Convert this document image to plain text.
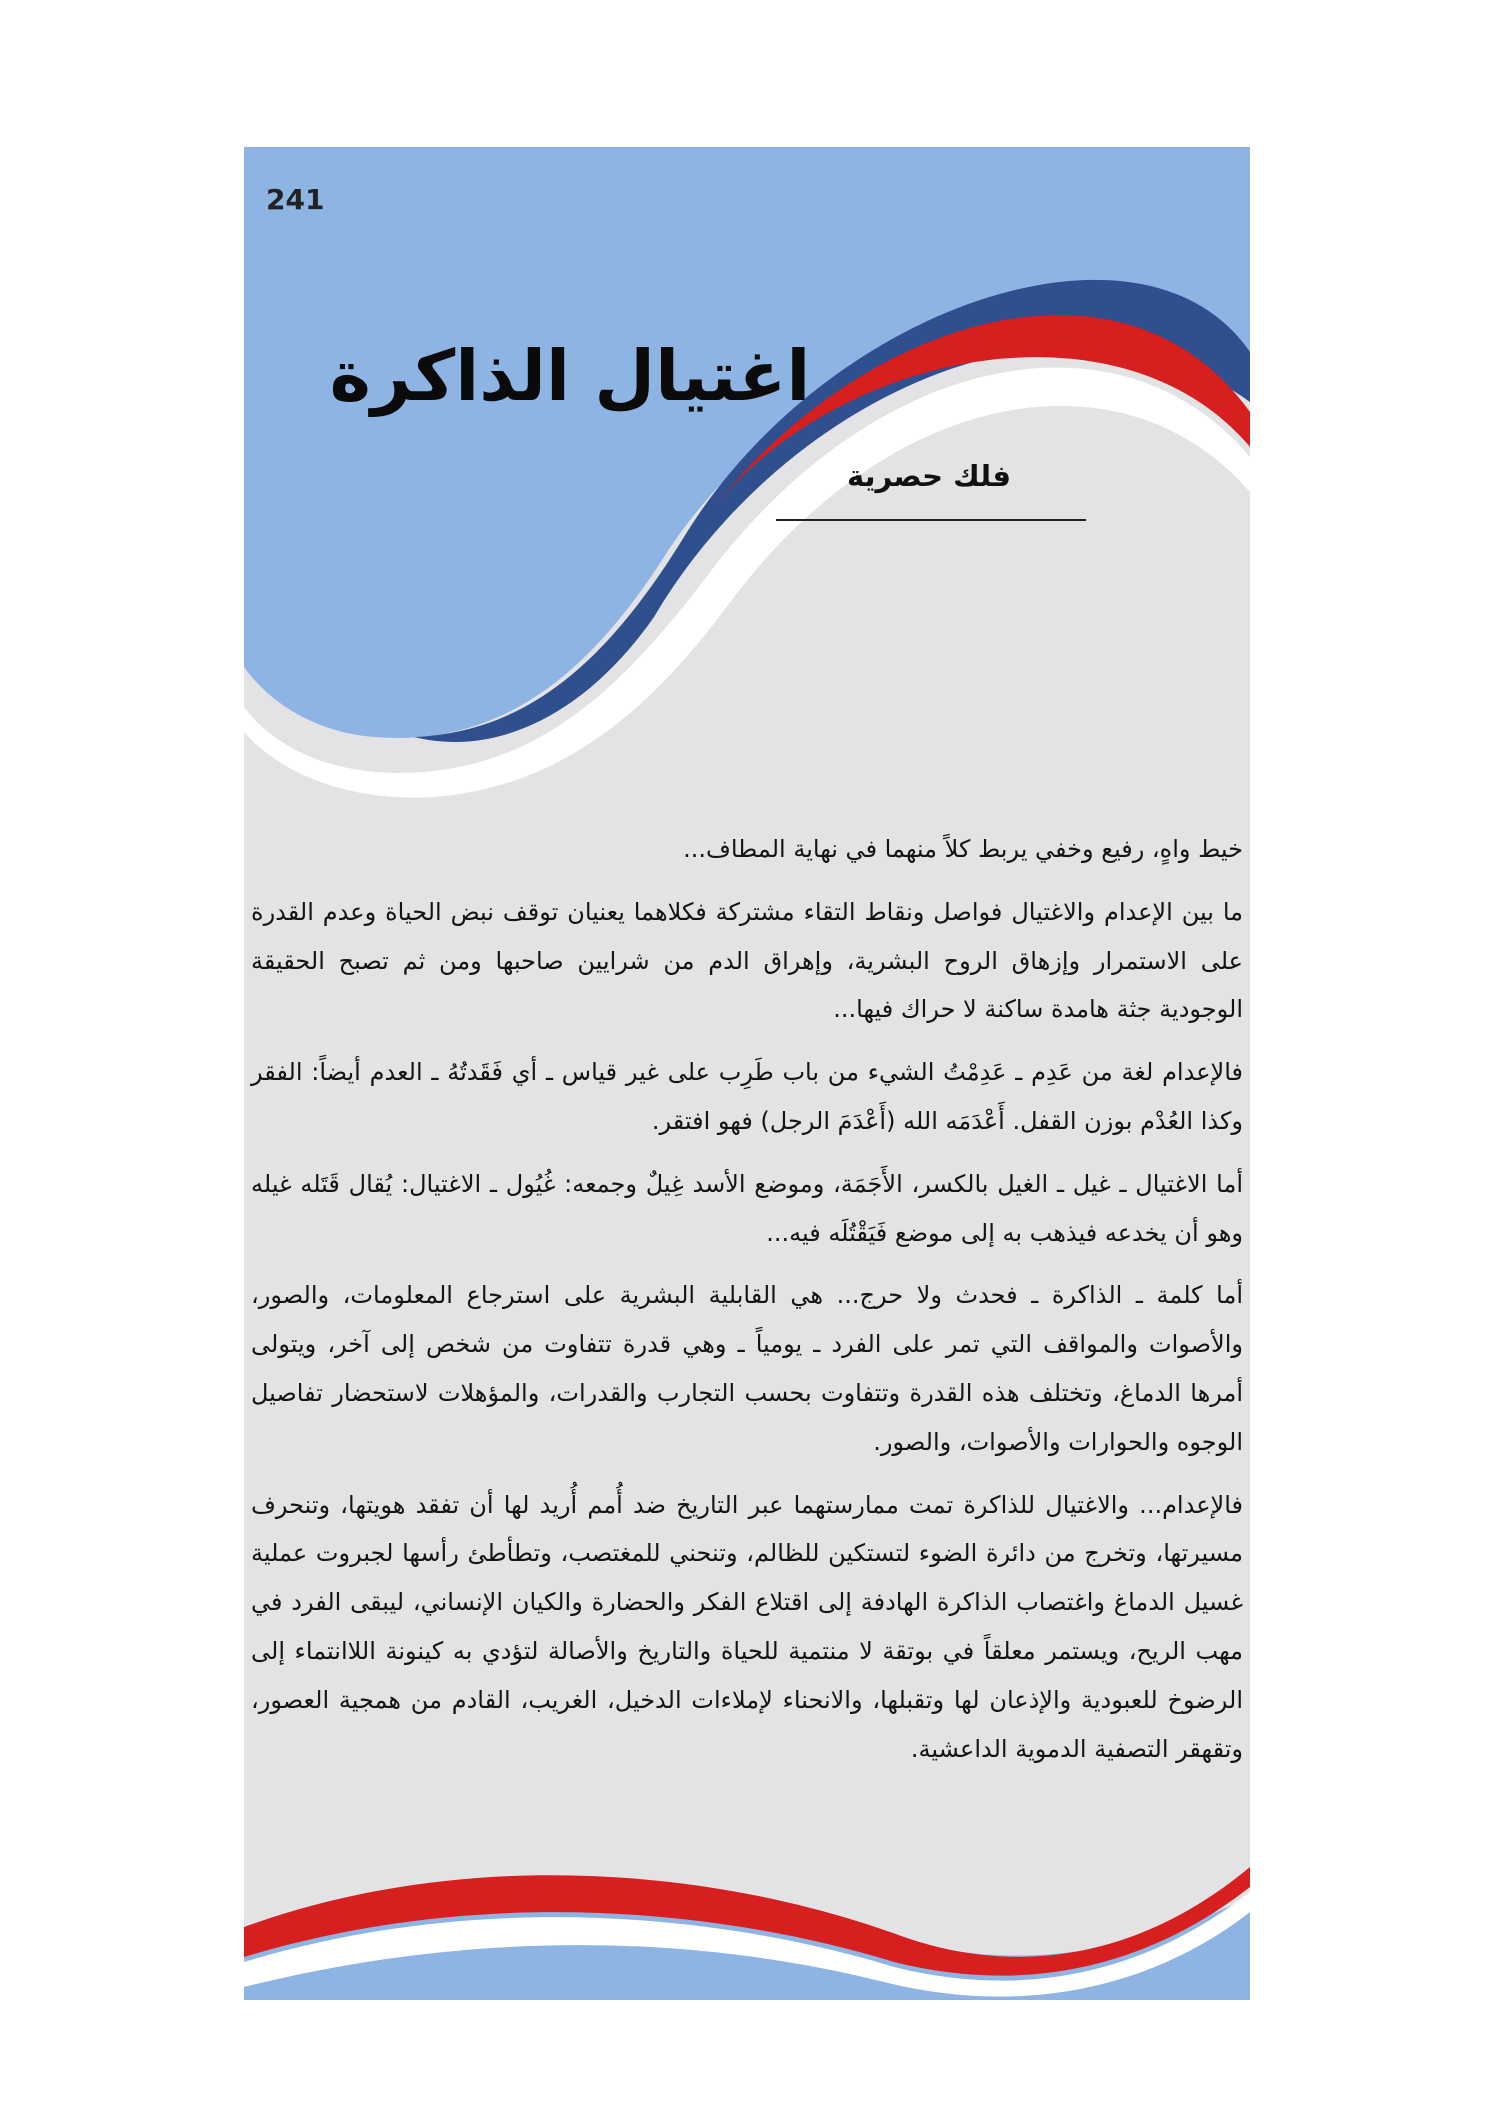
241
اغتيال الذاكرة
فلك حصرية

خيط واهٍ، رفيع وخفي يربط كلاً منهما في نهاية المطاف...

ما بين الإعدام والاغتيال فواصل ونقاط التقاء مشتركة فكلاهما يعنيان توقف نبض الحياة وعدم القدرة على الاستمرار وإزهاق الروح البشرية، وإهراق الدم من شرايين صاحبها ومن ثم تصبح الحقيقة الوجودية جثة هامدة ساكنة لا حراك فيها...

فالإعدام لغة من عَدِم ـ عَدِمْتُ الشيء من باب طَرِب على غير قياس ـ أي فَقَدتُهُ ـ العدم أيضاً: الفقر وكذا العُدْم بوزن القفل. أَعْدَمَه الله (أَعْدَمَ الرجل) فهو افتقر.

أما الاغتيال ـ غيل ـ الغيل بالكسر، الأَجَمَة، وموضع الأسد غِيلٌ وجمعه: غُيُول ـ الاغتيال: يُقال قَتَله غيله وهو أن يخدعه فيذهب به إلى موضع فَيَقْتُلَه فيه...

أما كلمة ـ الذاكرة ـ فحدث ولا حرج... هي القابلية البشرية على استرجاع المعلومات، والصور، والأصوات والمواقف التي تمر على الفرد ـ يومياً ـ وهي قدرة تتفاوت من شخص إلى آخر، ويتولى أمرها الدماغ، وتختلف هذه القدرة وتتفاوت بحسب التجارب والقدرات، والمؤهلات لاستحضار تفاصيل الوجوه والحوارات والأصوات، والصور.

فالإعدام... والاغتيال للذاكرة تمت ممارستهما عبر التاريخ ضد أُمم أُريد لها أن تفقد هويتها، وتنحرف مسيرتها، وتخرج من دائرة الضوء لتستكين للظالم، وتنحني للمغتصب، وتطأطئ رأسها لجبروت عملية غسيل الدماغ واغتصاب الذاكرة الهادفة إلى اقتلاع الفكر والحضارة والكيان الإنساني، ليبقى الفرد في مهب الريح، ويستمر معلقاً في بوتقة لا منتمية للحياة والتاريخ والأصالة لتؤدي به كينونة اللاانتماء إلى الرضوخ للعبودية والإذعان لها وتقبلها، والانحناء لإملاءات الدخيل، الغريب، القادم من همجية العصور، وتقهقر التصفية الدموية الداعشية.
